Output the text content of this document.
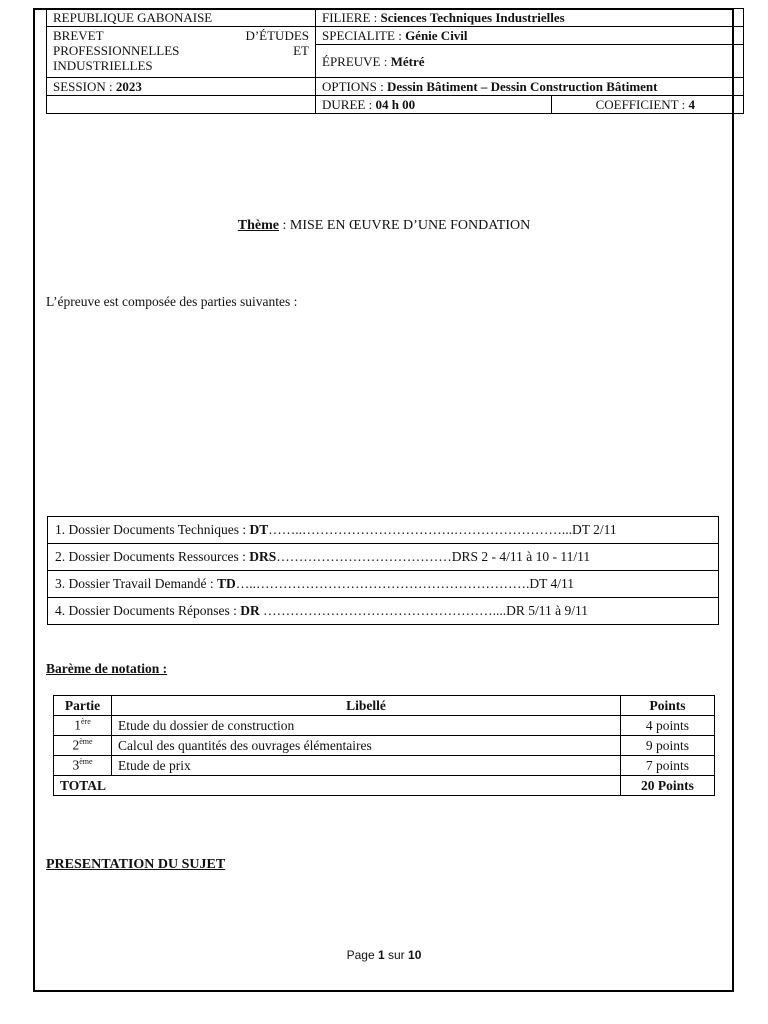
REPUBLIQUE GABONAISE	FILIERE : Sciences Techniques Industrielles

BREVET D’ÉTUDES
PROFESSIONNELLES ET
INDUSTRIELLES	SPECIALITE : Génie Civil
	ÉPREUVE : Métré
SESSION : 2023	OPTIONS : Dessin Bâtiment – Dessin Construction Bâtiment

	DUREE : 04 h 00 COEFFICIENT : 4
Thème : MISE EN ŒUVRE D’UNE FONDATION
L’épreuve est composée des parties suivantes :
1. Dossier Documents Techniques : DT……..…………………………….……………………...DT 2/11
2. Dossier Documents Ressources : DRS…………………………………DRS 2 - 4/11 à 10 - 11/11
3. Dossier Travail Demandé : TD…..…………………………………………………….DT 4/11
4. Dossier Documents Réponses : DR ……………………………………………....DR 5/11 à 9/11
Barème de notation :
Partie	Libellé	Points
1ère	Etude du dossier de construction	4 points
2ème	Calcul des quantités des ouvrages élémentaires	9 points
3ème	Etude de prix	7 points
TOTAL		20 Points
PRESENTATION DU SUJET
Page 1 sur 10
